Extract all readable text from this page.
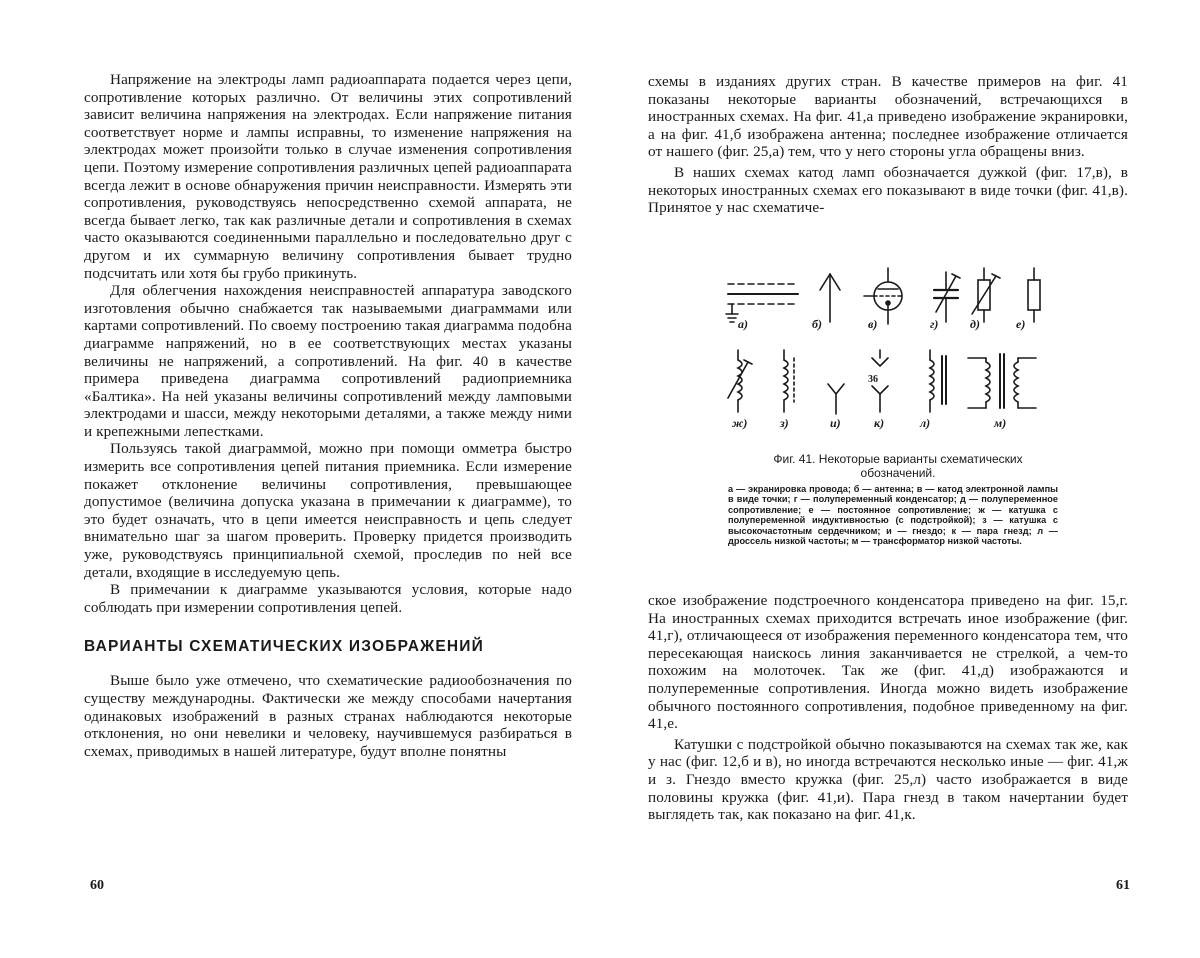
Напряжение на электроды ламп радиоаппарата подается через цепи, сопротивление которых различно. От величины этих сопротивлений зависит величина напряжения на электродах. Если напряжение питания соответствует норме и лампы исправны, то изменение напряжения на электродах может произойти только в случае изменения сопротивления цепи. Поэтому измерение сопротивления различных цепей радиоаппарата всегда лежит в основе обнаружения причин неисправности. Измерять эти сопротивления, руководствуясь непосредственно схемой аппарата, не всегда бывает легко, так как различные детали и сопротивления в схемах часто оказываются соединенными параллельно и последовательно друг с другом и их суммарную величину сопротивления бывает трудно подсчитать или хотя бы грубо прикинуть.

Для облегчения нахождения неисправностей аппаратура заводского изготовления обычно снабжается так называемыми диаграммами или картами сопротивлений. По своему построению такая диаграмма подобна диаграмме напряжений, но в ее соответствующих местах указаны величины не напряжений, а сопротивлений. На фиг. 40 в качестве примера приведена диаграмма сопротивлений радиоприемника «Балтика». На ней указаны величины сопротивлений между ламповыми электродами и шасси, между некоторыми деталями, а также между ними и крепежными лепестками.

Пользуясь такой диаграммой, можно при помощи омметра быстро измерить все сопротивления цепей питания приемника. Если измерение покажет отклонение величины сопротивления, превышающее допустимое (величина допуска указана в примечании к диаграмме), то это будет означать, что в цепи имеется неисправность и цепь следует внимательно шаг за шагом проверить. Проверку придется производить уже, руководствуясь принципиальной схемой, проследив по ней все детали, входящие в исследуемую цепь.

В примечании к диаграмме указываются условия, которые надо соблюдать при измерении сопротивления цепей.

ВАРИАНТЫ СХЕМАТИЧЕСКИХ ИЗОБРАЖЕНИЙ

Выше было уже отмечено, что схематические радиообозначения по существу международны. Фактически же между способами начертания одинаковых изображений в разных странах наблюдаются некоторые отклонения, но они невелики и человеку, научившемуся разбираться в схемах, приводимых в нашей литературе, будут вполне понятны

60

схемы в изданиях других стран. В качестве примеров на фиг. 41 показаны некоторые варианты обозначений, встречающихся в иностранных схемах. На фиг. 41,а приведено изображение экранировки, а на фиг. 41,б изображена антенна; последнее изображение отличается от нашего (фиг. 25,а) тем, что у него стороны угла обращены вниз.

В наших схемах катод ламп обозначается дужкой (фиг. 17,в), в некоторых иностранных схемах его показывают в виде точки (фиг. 41,в). Принятое у нас схематиче-

а)	б)	в)	г)	д)	е)
36
ж)	з)	и)	к)	л)	м)
Фиг. 41. Некоторые варианты схематических обозначений.
а — экранировка провода; б — антенна; в — катод электронной лампы в виде точки; г — полупеременный конденсатор; д — полупеременное сопротивление; е — постоянное сопротивление; ж — катушка с полупеременной индуктивностью (с подстройкой); з — катушка с высокочастотным сердечником; и — гнездо; к — пара гнезд; л — дроссель низкой частоты; м — трансформатор низкой частоты.

ское изображение подстроечного конденсатора приведено на фиг. 15,г. На иностранных схемах приходится встречать иное изображение (фиг. 41,г), отличающееся от изображения переменного конденсатора тем, что пересекающая наискось линия заканчивается не стрелкой, а чем-то похожим на молоточек. Так же (фиг. 41,д) изображаются и полупеременные сопротивления. Иногда можно видеть изображение обычного постоянного сопротивления, подобное приведенному на фиг. 41,е.

Катушки с подстройкой обычно показываются на схемах так же, как у нас (фиг. 12,б и в), но иногда встречаются несколько иные — фиг. 41,ж и з. Гнездо вместо кружка (фиг. 25,л) часто изображается в виде половины кружка (фиг. 41,и). Пара гнезд в таком начертании будет выглядеть так, как показано на фиг. 41,к.

61
